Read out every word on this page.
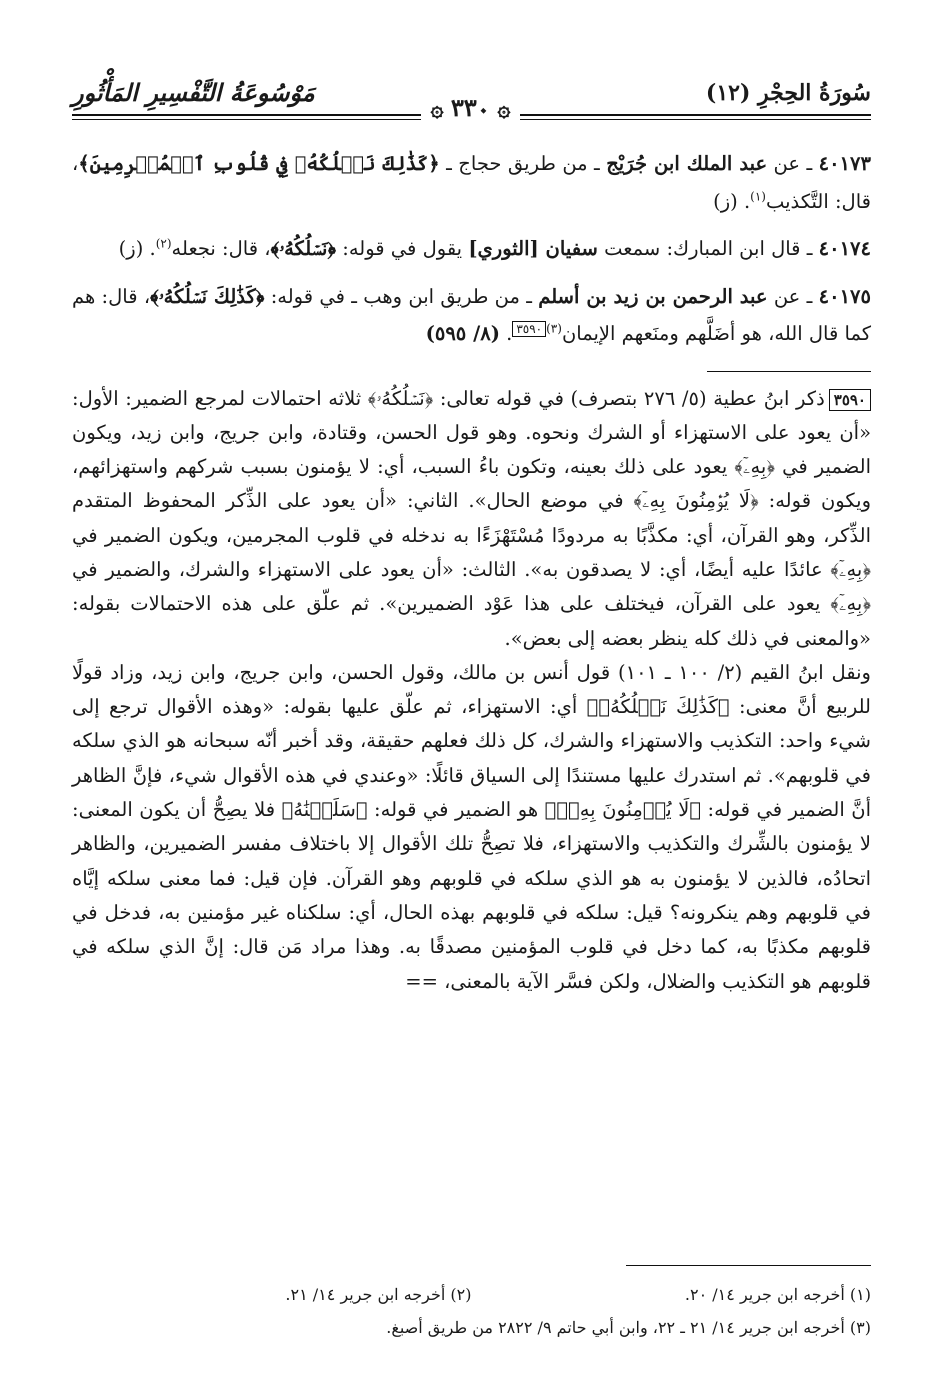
سُورَةُ الحِجْرِ (١٢)
مَوْسُوعَةُ التَّفْسِيرِ المَأْثُورِ
۞ ٣٣٠ ۞
٤٠١٧٣ ـ عن عبد الملك ابن جُرَيْج ـ من طريق حجاج ـ ﴿كَذَٰلِكَ نَسۡلُكُهُۥ فِي قُلُوبِ ٱلۡمُجۡرِمِينَ﴾، قال: التَّكذيب$^{(١)}$. (ز)
٤٠١٧٤ ـ قال ابن المبارك: سمعت سفيان [الثوري] يقول في قوله: ﴿نَسۡلُكُهُۥ﴾، قال: نجعله$^{(٢)}$. (ز)
٤٠١٧٥ ـ عن عبد الرحمن بن زيد بن أسلم ـ من طريق ابن وهب ـ في قوله: ﴿كَذَٰلِكَ نَسۡلُكُهُۥ﴾، قال: هم كما قال الله، هو أضَلَّهم ومنَعهم الإيمان$^{(٣)}$٣٥٩٠. (٨/ ٥٩٥)

٣٥٩٠ذكر ابنُ عطية (٥/ ٢٧٦ بتصرف) في قوله تعالى: ﴿نَسۡلُكُهُۥ﴾ ثلاثه احتمالات لمرجع الضمير: الأول: «أن يعود على الاستهزاء أو الشرك ونحوه. وهو قول الحسن، وقتادة، وابن جريج، وابن زيد، ويكون الضمير في ﴿بِهِۦٓ﴾ يعود على ذلك بعينه، وتكون باءُ السبب، أي: لا يؤمنون بسبب شركهم واستهزائهم، ويكون قوله: ﴿لَا يُؤۡمِنُونَ بِهِۦٓ﴾ في موضع الحال». الثاني: «أن يعود على الذِّكر المحفوظ المتقدم الذِّكر، وهو القرآن، أي: مكذَّبًا به مردودًا مُسْتَهْزَءًا به ندخله في قلوب المجرمين، ويكون الضمير في ﴿بِهِۦٓ﴾ عائدًا عليه أيضًا، أي: لا يصدقون به». الثالث: «أن يعود على الاستهزاء والشرك، والضمير في ﴿بِهِۦٓ﴾ يعود على القرآن، فيختلف على هذا عَوْد الضميرين». ثم علّق على هذه الاحتمالات بقوله: «والمعنى في ذلك كله ينظر بعضه إلى بعض».

ونقل ابنُ القيم (٢/ ١٠٠ ـ ١٠١) قول أنس بن مالك، وقول الحسن، وابن جريج، وابن زيد، وزاد قولًا للربيع أنَّ معنى: ﴿كَذَٰلِكَ نَسۡلُكُهُۥ﴾ أي: الاستهزاء، ثم علّق عليها بقوله: «وهذه الأقوال ترجع إلى شيء واحد: التكذيب والاستهزاء والشرك، كل ذلك فعلهم حقيقة، وقد أخبر أنّه سبحانه هو الذي سلكه في قلوبهم». ثم استدرك عليها مستندًا إلى السياق قائلًا: «وعندي في هذه الأقوال شيء، فإنَّ الظاهر أنَّ الضمير في قوله: ﴿لَا يُؤۡمِنُونَ بِهِۦٓ﴾ هو الضمير في قوله: ﴿سَلَكۡنَٰهُ﴾ فلا يصِحُّ أن يكون المعنى: لا يؤمنون بالشِّرك والتكذيب والاستهزاء، فلا تصِحُّ تلك الأقوال إلا باختلاف مفسر الضميرين، والظاهر اتحادُه، فالذين لا يؤمنون به هو الذي سلكه في قلوبهم وهو القرآن. فإن قيل: فما معنى سلكه إيَّاه في قلوبهم وهم ينكرونه؟ قيل: سلكه في قلوبهم بهذه الحال، أي: سلكناه غير مؤمنين به، فدخل في قلوبهم مكذبًا به، كما دخل في قلوب المؤمنين مصدقًا به. وهذا مراد مَن قال: إنَّ الذي سلكه في قلوبهم هو التكذيب والضلال، ولكن فسَّر الآية بالمعنى، ==

(١) أخرجه ابن جرير ١٤/ ٢٠.
(٢) أخرجه ابن جرير ١٤/ ٢١.
(٣) أخرجه ابن جرير ١٤/ ٢١ ـ ٢٢، وابن أبي حاتم ٩/ ٢٨٢٢ من طريق أصبغ.
